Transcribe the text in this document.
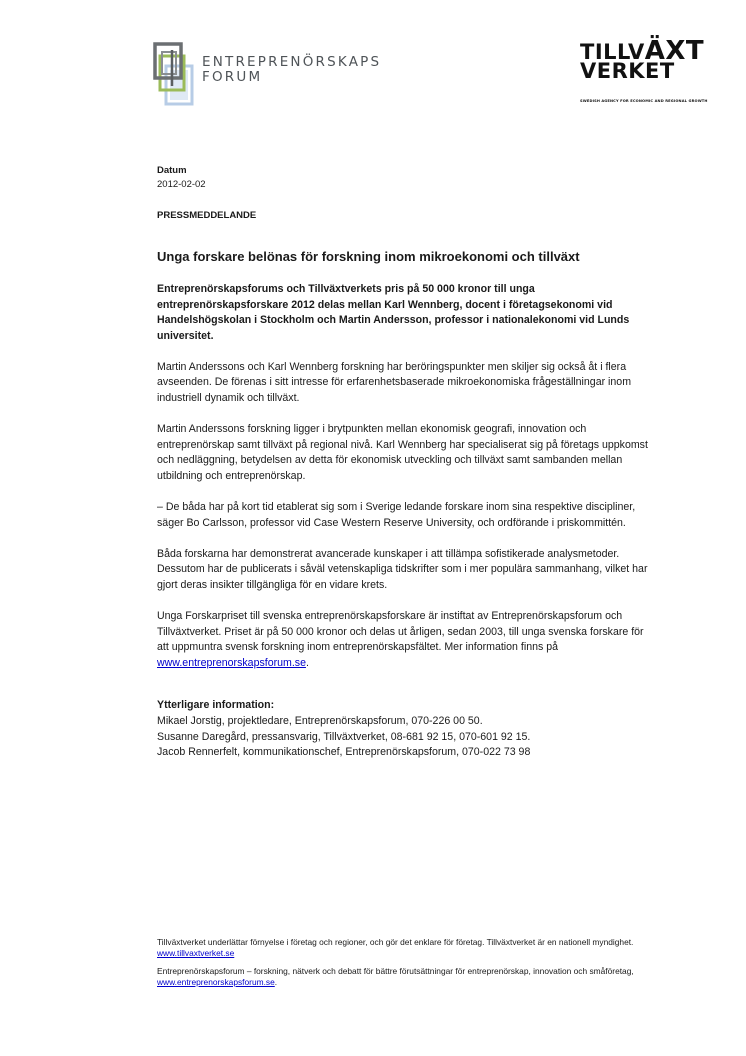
ENTREPRENÖRSKAPS
FORUM
TILLVÄXT
VERKET
SWEDISH AGENCY FOR ECONOMIC AND REGIONAL GROWTH
Datum
2012-02-02
PRESSMEDDELANDE
Unga forskare belönas för forskning inom mikroekonomi och tillväxt
Entreprenörskapsforums och Tillväxtverkets pris på 50 000 kronor till unga entreprenörskapsforskare 2012 delas mellan Karl Wennberg, docent i företagsekonomi vid Handelshögskolan i Stockholm och Martin Andersson, professor i nationalekonomi vid Lunds universitet.
Martin Anderssons och Karl Wennberg forskning har beröringspunkter men skiljer sig också åt i flera avseenden. De förenas i sitt intresse för erfarenhetsbaserade mikroekonomiska frågeställningar inom industriell dynamik och tillväxt.
Martin Anderssons forskning ligger i brytpunkten mellan ekonomisk geografi, innovation och entreprenörskap samt tillväxt på regional nivå. Karl Wennberg har specialiserat sig på företags uppkomst och nedläggning, betydelsen av detta för ekonomisk utveckling och tillväxt samt sambanden mellan utbildning och entreprenörskap.
– De båda har på kort tid etablerat sig som i Sverige ledande forskare inom sina respektive discipliner, säger Bo Carlsson, professor vid Case Western Reserve University, och ordförande i priskommittén.
Båda forskarna har demonstrerat avancerade kunskaper i att tillämpa sofistikerade analysmetoder. Dessutom har de publicerats i såväl vetenskapliga tidskrifter som i mer populära sammanhang, vilket har gjort deras insikter tillgängliga för en vidare krets.
Unga Forskarpriset till svenska entreprenörskapsforskare är instiftat av Entreprenörskapsforum och Tillväxtverket. Priset är på 50 000 kronor och delas ut årligen, sedan 2003, till unga svenska forskare för att uppmuntra svensk forskning inom entreprenörskapsfältet. Mer information finns på www.entreprenorskapsforum.se.
Ytterligare information:
Mikael Jorstig, projektledare, Entreprenörskapsforum, 070-226 00 50.
Susanne Daregård, pressansvarig, Tillväxtverket, 08-681 92 15, 070-601 92 15.
Jacob Rennerfelt, kommunikationschef, Entreprenörskapsforum, 070-022 73 98
Tillväxtverket underlättar förnyelse i företag och regioner, och gör det enklare för företag. Tillväxtverket är en nationell myndighet. www.tillvaxtverket.se
Entreprenörskapsforum – forskning, nätverk och debatt för bättre förutsättningar för entreprenörskap, innovation och småföretag, www.entreprenorskapsforum.se.
